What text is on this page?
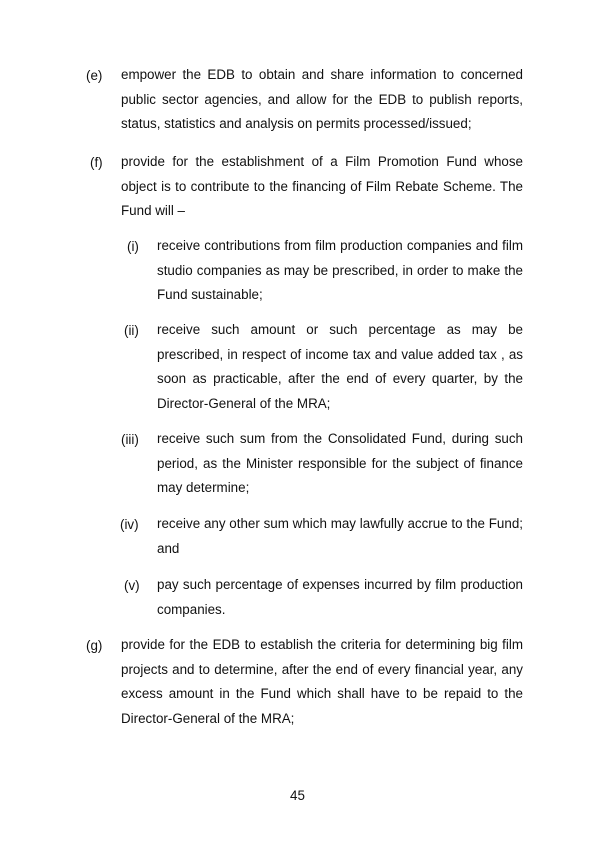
(e) empower the EDB to obtain and share information to concerned public sector agencies, and allow for the EDB to publish reports, status, statistics and analysis on permits processed/issued;
(f) provide for the establishment of a Film Promotion Fund whose object is to contribute to the financing of Film Rebate Scheme. The Fund will –
(i) receive contributions from film production companies and film studio companies as may be prescribed, in order to make the Fund sustainable;
(ii) receive such amount or such percentage as may be prescribed, in respect of income tax and value added tax , as soon as practicable, after the end of every quarter, by the Director-General of the MRA;
(iii) receive such sum from the Consolidated Fund, during such period, as the Minister responsible for the subject of finance may determine;
(iv) receive any other sum which may lawfully accrue to the Fund; and
(v) pay such percentage of expenses incurred by film production companies.
(g) provide for the EDB to establish the criteria for determining big film projects and to determine, after the end of every financial year, any excess amount in the Fund which shall have to be repaid to the Director-General of the MRA;
45
